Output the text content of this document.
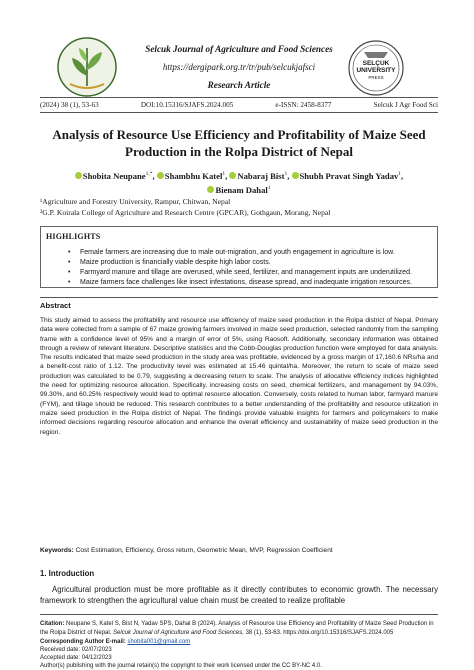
Selcuk Journal of Agriculture and Food Sciences
https://dergipark.org.tr/tr/pub/selcukjafsci
Research Article
SELÇUK
UNIVERSITY
PRESS
(2024) 38 (1), 53-63	DOI:10.15316/SJAFS.2024.005	e-ISSN: 2458-8377	Selcuk J Agr Food Sci
Analysis of Resource Use Efficiency and Profitability of Maize Seed Production in the Rolpa District of Nepal
Shobita Neupane$^{1,*}$, Shambhu Katel$^1$, Nabaraj Bist$^1$, Shubh Pravat Singh Yadav$^1$,
Bienam Dahal$^1$
¹Agriculture and Forestry University, Rampur, Chitwan, Nepal
²G.P. Koirala College of Agriculture and Research Centre (GPCAR), Gothgaun, Morang, Nepal
HIGHLIGHTS
• Female farmers are increasing due to male out-migration, and youth engagement in agriculture is low.
• Maize production is financially viable despite high labor costs.
• Farmyard manure and tillage are overused, while seed, fertilizer, and management inputs are underutilized.
• Maize farmers face challenges like insect infestations, disease spread, and inadequate irrigation resources.
Abstract
This study aimed to assess the profitability and resource use efficiency of maize seed production in the Rolpa district of Nepal. Primary data were collected from a sample of 67 maize growing farmers involved in maize seed production, selected randomly from the sampling frame with a confidence level of 95% and a margin of error of 5%, using Raosoft. Additionally, secondary information was obtained through a review of relevant literature. Descriptive statistics and the Cobb-Douglas production function were employed for data analysis. The results indicated that maize seed production in the study area was profitable, evidenced by a gross margin of 17,160.6 NRs/ha and a benefit-cost ratio of 1.12. The productivity level was estimated at 15.46 quintal/ha. Moreover, the return to scale of maize seed production was calculated to be 0.79, suggesting a decreasing return to scale. The analysis of allocative efficiency indices highlighted the need for optimizing resource allocation. Specifically, increasing costs on seed, chemical fertilizers, and management by 94.03%, 99.30%, and 60.25% respectively would lead to optimal resource allocation. Conversely, costs related to human labor, farmyard manure (FYM), and tillage should be reduced. This research contributes to a better understanding of the profitability and resource utilization in maize seed production in the Rolpa district of Nepal. The findings provide valuable insights for farmers and policymakers to make informed decisions regarding resource allocation and enhance the overall efficiency and sustainability of maize seed production in the region.
Keywords: Cost Estimation, Efficiency, Gross return, Geometric Mean, MVP, Regression Coefficient
1. Introduction
Agricultural production must be more profitable as it directly contributes to economic growth. The necessary framework to strengthen the agricultural value chain must be created to realize profitable
Citation: Neupane S, Katel S, Bist N, Yadav SPS, Dahal B (2024). Analysis of Resource Use Efficiency and Profitability of Maize Seed Production in the Rolpa District of Nepal. Selcuk Journal of Agriculture and Food Sciences, 38 (1), 53-63. https://doi.org/10.15316/SJAFS.2024.005
Corresponding Author E-mail: shobita001@gmail.com
Received date: 02/07/2023
Accepted date: 04/12/2023
Author(s) publishing with the journal retain(s) the copyright to their work licensed under the CC BY-NC 4.0.
